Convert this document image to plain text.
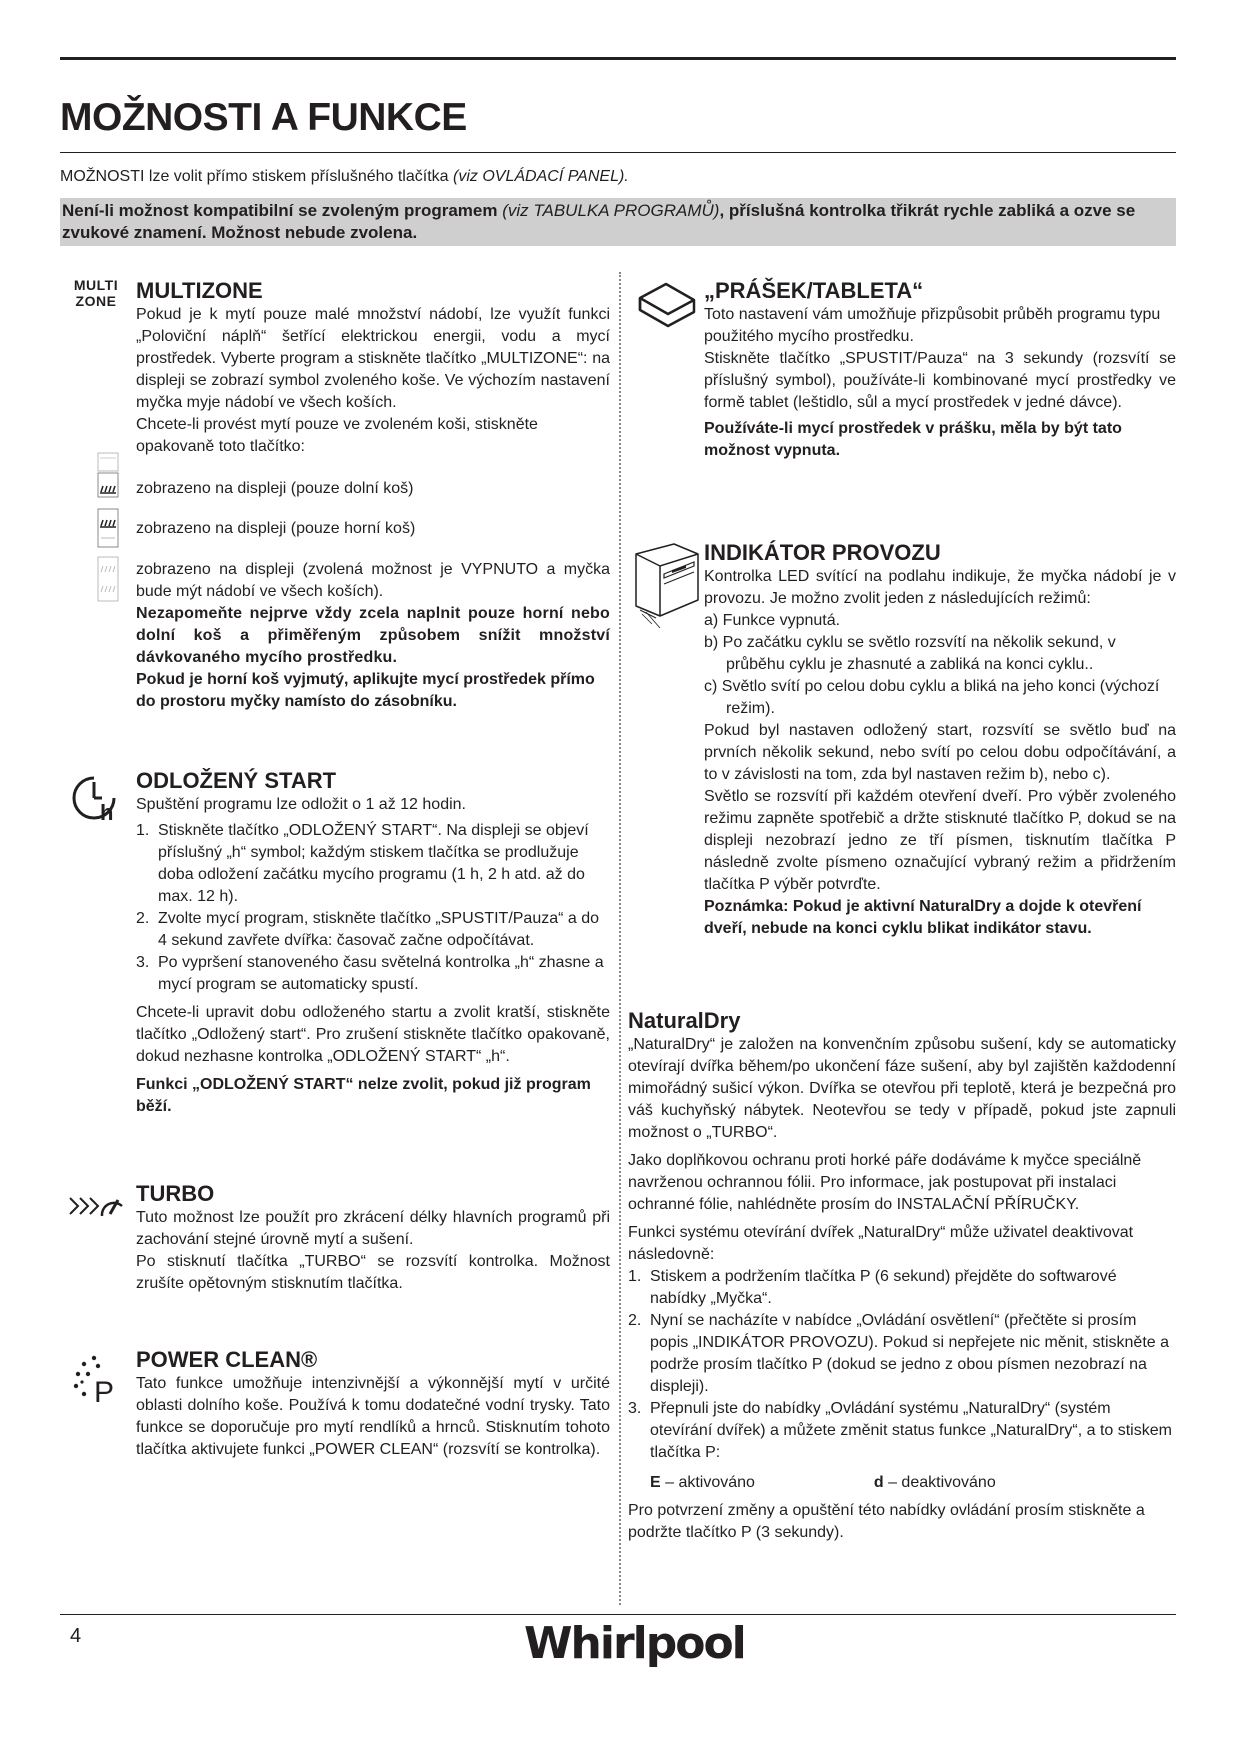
MOŽNOSTI A FUNKCE

MOŽNOSTI lze volit přímo stiskem příslušného tlačítka (viz OVLÁDACÍ PANEL).

Není-li možnost kompatibilní se zvoleným programem (viz TABULKA PROGRAMŮ), příslušná kontrolka třikrát rychle zabliká a ozve se zvukové znamení. Možnost nebude zvolena.

MULTI
ZONE MULTIZONE

Pokud je k mytí pouze malé množství nádobí, lze využít funkci „Poloviční náplň“ šetřící elektrickou energii, vodu a mycí prostředek. Vyberte program a stiskněte tlačítko „MULTIZONE“: na displeji se zobrazí symbol zvoleného koše. Ve výchozím nastavení myčka myje nádobí ve všech koších.

Chcete-li provést mytí pouze ve zvoleném koši, stiskněte opakovaně toto tlačítko:

zobrazeno na displeji (pouze dolní koš)

zobrazeno na displeji (pouze horní koš)

zobrazeno na displeji (zvolená možnost je VYPNUTO a myčka bude mýt nádobí ve všech koších).

Nezapomeňte nejprve vždy zcela naplnit pouze horní nebo dolní koš a přiměřeným způsobem snížit množství dávkovaného mycího prostředku.

Pokud je horní koš vyjmutý, aplikujte mycí prostředek přímo do prostoru myčky namísto do zásobníku.

h
ODLOŽENÝ START

Spuštění programu lze odložit o 1 až 12 hodin.

1. Stiskněte tlačítko „ODLOŽENÝ START“. Na displeji se objeví příslušný „h“ symbol; každým stiskem tlačítka se prodlužuje doba odložení začátku mycího programu (1 h, 2 h atd. až do max. 12 h).
2. Zvolte mycí program, stiskněte tlačítko „SPUSTIT/Pauza“ a do 4 sekund zavřete dvířka: časovač začne odpočítávat.
3. Po vypršení stanoveného času světelná kontrolka „h“ zhasne a mycí program se automaticky spustí.

Chcete-li upravit dobu odloženého startu a zvolit kratší, stiskněte tlačítko „Odložený start“. Pro zrušení stiskněte tlačítko opakovaně, dokud nezhasne kontrolka „ODLOŽENÝ START“ „h“.

Funkci „ODLOŽENÝ START“ nelze zvolit, pokud již program běží.

TURBO

Tuto možnost lze použít pro zkrácení délky hlavních programů při zachování stejné úrovně mytí a sušení.

Po stisknutí tlačítka „TURBO“ se rozsvítí kontrolka. Možnost zrušíte opětovným stisknutím tlačítka.

P
POWER CLEAN®

Tato funkce umožňuje intenzivnější a výkonnější mytí v určité oblasti dolního koše. Používá k tomu dodatečné vodní trysky. Tato funkce se doporučuje pro mytí rendlíků a hrnců. Stisknutím tohoto tlačítka aktivujete funkci „POWER CLEAN“ (rozsvítí se kontrolka).

„PRÁŠEK/TABLETA“

Toto nastavení vám umožňuje přizpůsobit průběh programu typu použitého mycího prostředku.

Stiskněte tlačítko „SPUSTIT/Pauza“ na 3 sekundy (rozsvítí se příslušný symbol), používáte-li kombinované mycí prostředky ve formě tablet (leštidlo, sůl a mycí prostředek v jedné dávce).

Používáte-li mycí prostředek v prášku, měla by být tato možnost vypnuta.

INDIKÁTOR PROVOZU

Kontrolka LED svítící na podlahu indikuje, že myčka nádobí je v provozu. Je možno zvolit jeden z následujících režimů:

a) Funkce vypnutá.
b) Po začátku cyklu se světlo rozsvítí na několik sekund, v průběhu cyklu je zhasnuté a zabliká na konci cyklu..
c) Světlo svítí po celou dobu cyklu a bliká na jeho konci (výchozí režim).

Pokud byl nastaven odložený start, rozsvítí se světlo buď na prvních několik sekund, nebo svítí po celou dobu odpočítávání, a to v závislosti na tom, zda byl nastaven režim b), nebo c).

Světlo se rozsvítí při každém otevření dveří. Pro výběr zvoleného režimu zapněte spotřebič a držte stisknuté tlačítko P, dokud se na displeji nezobrazí jedno ze tří písmen, tisknutím tlačítka P následně zvolte písmeno označující vybraný režim a přidržením tlačítka P výběr potvrďte.

Poznámka: Pokud je aktivní NaturalDry a dojde k otevření dveří, nebude na konci cyklu blikat indikátor stavu.

NaturalDry

„NaturalDry“ je založen na konvenčním způsobu sušení, kdy se automaticky otevírají dvířka během/po ukončení fáze sušení, aby byl zajištěn každodenní mimořádný sušicí výkon. Dvířka se otevřou při teplotě, která je bezpečná pro váš kuchyňský nábytek. Neotevřou se tedy v případě, pokud jste zapnuli možnost o „TURBO“.

Jako doplňkovou ochranu proti horké páře dodáváme k myčce speciálně navrženou ochrannou fólii. Pro informace, jak postupovat při instalaci ochranné fólie, nahlédněte prosím do INSTALAČNÍ PŘÍRUČKY.

Funkci systému otevírání dvířek „NaturalDry“ může uživatel deaktivovat následovně:

1. Stiskem a podržením tlačítka P (6 sekund) přejděte do softwarové nabídky „Myčka“.
2. Nyní se nacházíte v nabídce „Ovládání osvětlení“ (přečtěte si prosím popis „INDIKÁTOR PROVOZU). Pokud si nepřejete nic měnit, stiskněte a podrže prosím tlačítko P (dokud se jedno z obou písmen nezobrazí na displeji).
3. Přepnuli jste do nabídky „Ovládání systému „NaturalDry“ (systém otevírání dvířek) a můžete změnit status funkce „NaturalDry“, a to stiskem tlačítka P:

E – aktivováno	d – deaktivováno

Pro potvrzení změny a opuštění této nabídky ovládání prosím stiskněte a podržte tlačítko P (3 sekundy).

4	Whirlpool
